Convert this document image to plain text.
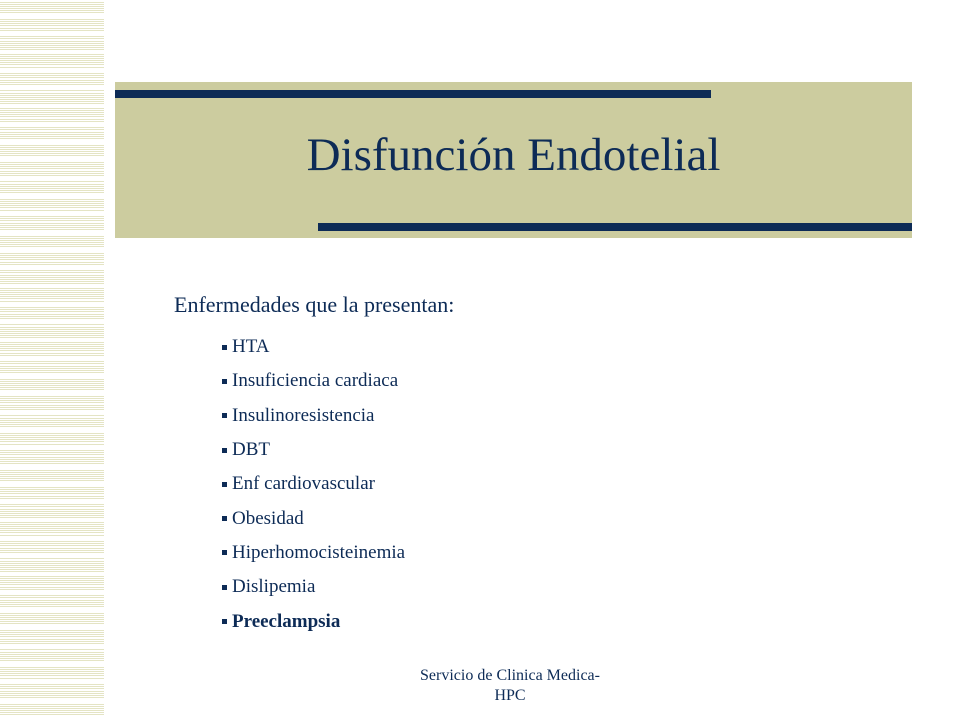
Disfunción Endotelial

Enfermedades que la presentan:

HTA
Insuficiencia cardiaca
Insulinoresistencia
DBT
Enf cardiovascular
Obesidad
Hiperhomocisteinemia
Dislipemia
Preeclampsia
Servicio de Clinica Medica-
HPC
